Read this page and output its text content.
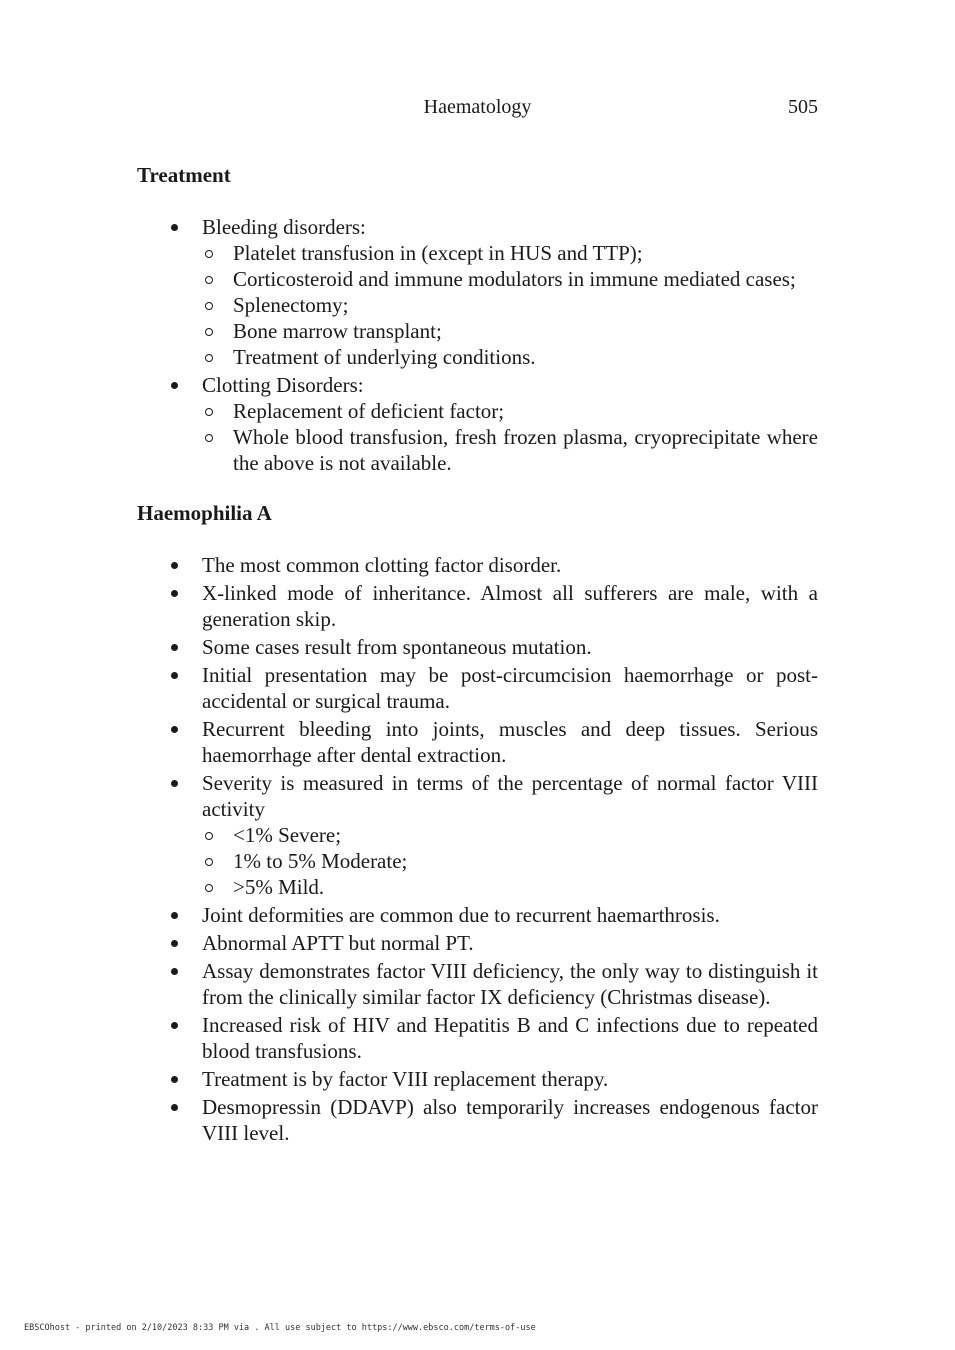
Haematology	505
Treatment
Bleeding disorders:
Platelet transfusion in (except in HUS and TTP);
Corticosteroid and immune modulators in immune mediated cases;
Splenectomy;
Bone marrow transplant;
Treatment of underlying conditions.
Clotting Disorders:
Replacement of deficient factor;
Whole blood transfusion, fresh frozen plasma, cryoprecipitate where the above is not available.
Haemophilia A
The most common clotting factor disorder.
X-linked mode of inheritance. Almost all sufferers are male, with a generation skip.
Some cases result from spontaneous mutation.
Initial presentation may be post-circumcision haemorrhage or post-accidental or surgical trauma.
Recurrent bleeding into joints, muscles and deep tissues. Serious haemorrhage after dental extraction.
Severity is measured in terms of the percentage of normal factor VIII activity
<1% Severe;
1% to 5% Moderate;
>5% Mild.
Joint deformities are common due to recurrent haemarthrosis.
Abnormal APTT but normal PT.
Assay demonstrates factor VIII deficiency, the only way to distinguish it from the clinically similar factor IX deficiency (Christmas disease).
Increased risk of HIV and Hepatitis B and C infections due to repeated blood transfusions.
Treatment is by factor VIII replacement therapy.
Desmopressin (DDAVP) also temporarily increases endogenous factor VIII level.
EBSCOhost - printed on 2/10/2023 8:33 PM via . All use subject to https://www.ebsco.com/terms-of-use
